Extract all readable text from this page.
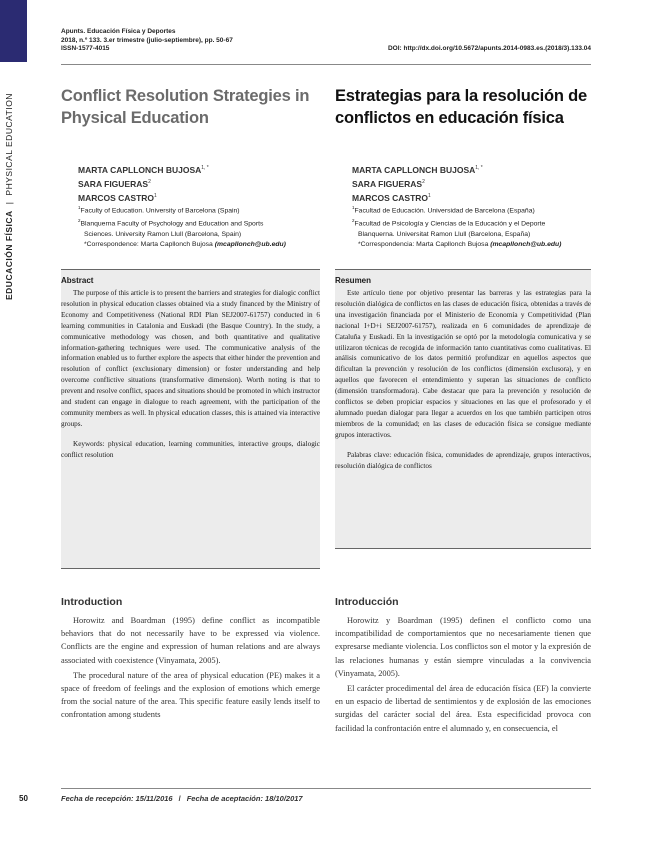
Apunts. Educación Física y Deportes
2018, n.º 133. 3.er trimestre (julio-septiembre), pp. 50-67
ISSN-1577-4015	DOI: http://dx.doi.org/10.5672/apunts.2014-0983.es.(2018/3).133.04
EDUCACIÓN FÍSICA|PHYSICAL EDUCATION	Conflict Resolution Strategies in Physical Education
MARTA CAPLLONCH $BUJOSA^{1, *}$
SARA FIGUERAS$^2$
MARCOS CASTRO$^1$
$^1$Faculty of Education. University of Barcelona (Spain)
$^2$Blanquerna Faculty of Psychology and Education and Sports
Sciences. University Ramon Llull (Barcelona, Spain)
*Correspondence: Marta Capllonch Bujosa (mcapllonch@ub.edu)
Abstract

The purpose of this article is to present the barriers and strategies for dialogic conflict resolution in physical education classes obtained via a study financed by the Ministry of Economy and Competitiveness (National RDI Plan SEJ2007-61757) conducted in 6 learning communities in Catalonia and Euskadi (the Basque Country). In the study, a communicative methodology was chosen, and both quantitative and qualitative information-gathering techniques were used. The communicative analysis of the information enabled us to further explore the aspects that either hinder the prevention and resolution of conflict (exclusionary dimension) or foster understanding and help overcome conflictive situations (transformative dimension). Worth noting is that to prevent and resolve conflict, spaces and situations should be promoted in which instructor and student can engage in dialogue to reach agreement, with the participation of the community members as well. In physical education classes, this is attained via interactive groups.

Keywords: physical education, learning communities, interactive groups, dialogic conflict resolution

Introduction

Horowitz and Boardman (1995) define conflict as incompatible behaviors that do not necessarily have to be expressed via violence. Conflicts are the engine and expression of human relations and are always associated with coexistence (Vinyamata, 2005).

The procedural nature of the area of physical education (PE) makes it a space of freedom of feelings and the explosion of emotions which emerge from the social nature of the area. This specific feature easily lends itself to confrontation among students

Estrategias para la resolución de conflictos en educación física
MARTA CAPLLONCH $BUJOSA^{1, *}$
SARA FIGUERAS$^2$
MARCOS CASTRO$^1$
$^1$Facultad de Educación. Universidad de Barcelona (España)
$^2$Facultad de Psicología y Ciencias de la Educación y el Deporte
Blanquerna. Universitat Ramon Llull (Barcelona, España)
*Correspondencia: Marta Capllonch Bujosa (mcapllonch@ub.edu)
Resumen

Este artículo tiene por objetivo presentar las barreras y las estrategias para la resolución dialógica de conflictos en las clases de educación física, obtenidas a través de una investigación financiada por el Ministerio de Economía y Competitividad (Plan nacional I+D+i SEJ2007-61757), realizada en 6 comunidades de aprendizaje de Cataluña y Euskadi. En la investigación se optó por la metodología comunicativa y se utilizaron técnicas de recogida de información tanto cuantitativas como cualitativas. El análisis comunicativo de los datos permitió profundizar en aquellos aspectos que dificultan la prevención y resolución de los conflictos (dimensión exclusora), y en aquellos que favorecen el entendimiento y superan las situaciones de conflicto (dimensión transformadora). Cabe destacar que para la prevención y resolución de conflictos se deben propiciar espacios y situaciones en las que el profesorado y el alumnado puedan dialogar para llegar a acuerdos en los que también participen otros miembros de la comunidad; en las clases de educación física se consigue mediante grupos interactivos.

Palabras clave: educación física, comunidades de aprendizaje, grupos interactivos, resolución dialógica de conflictos

Introducción

Horowitz y Boardman (1995) definen el conflicto como una incompatibilidad de comportamientos que no necesariamente tienen que expresarse mediante violencia. Los conflictos son el motor y la expresión de las relaciones humanas y están siempre vinculadas a la convivencia (Vinyamata, 2005).

El carácter procedimental del área de educación física (EF) la convierte en un espacio de libertad de sentimientos y de explosión de las emociones surgidas del carácter social del área. Esta especificidad provoca con facilidad la confrontación entre el alumnado y, en consecuencia, el

50	Fecha de recepción: 15/11/2016 / Fecha de aceptación: 18/10/2017
